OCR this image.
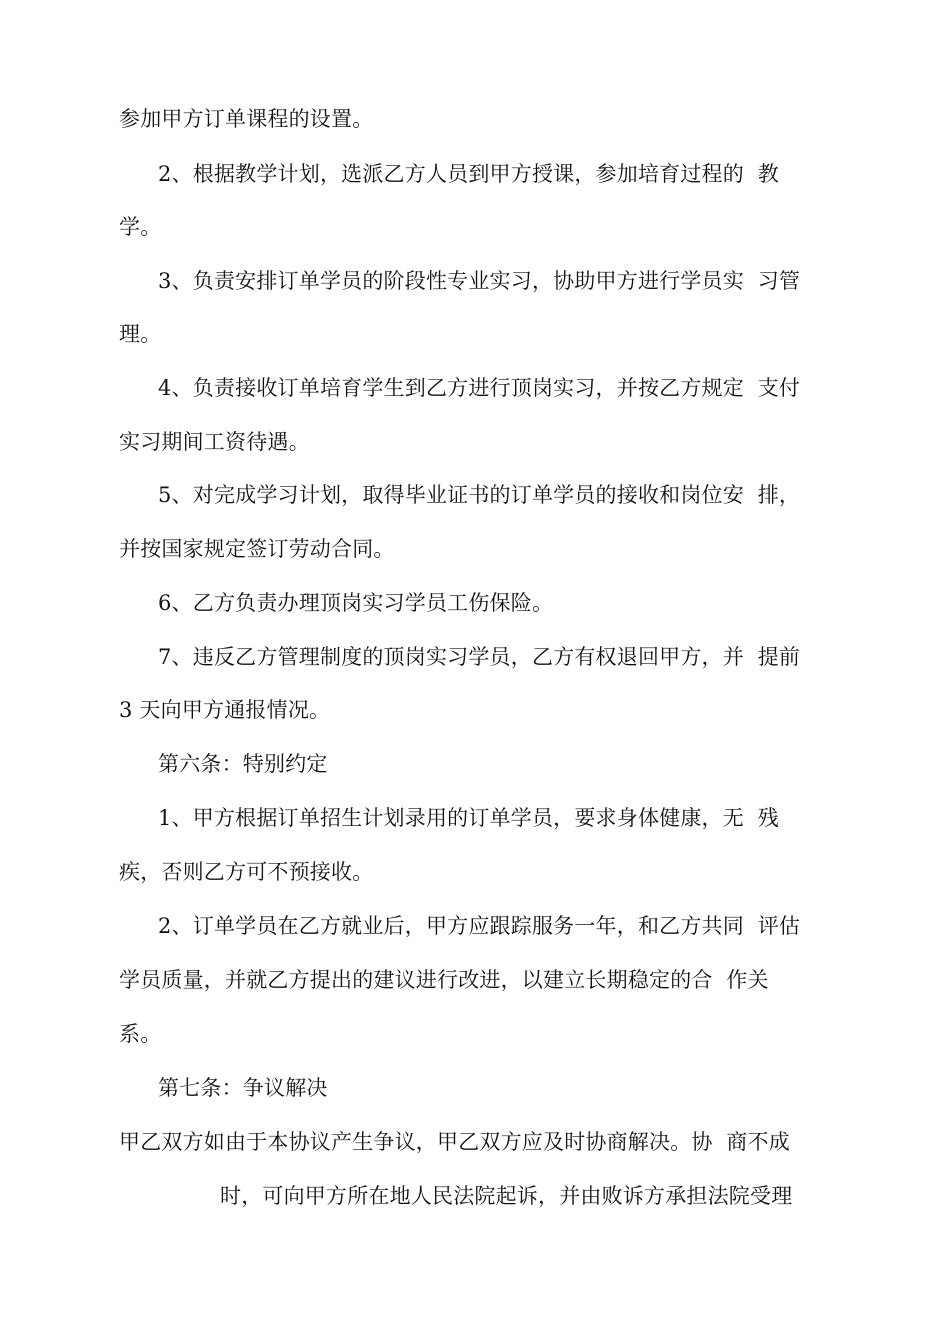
参加甲方订单课程的设置。
2、根据教学计划，选派乙方人员到甲方授课，参加培育过程的  教
学。
3、负责安排订单学员的阶段性专业实习，协助甲方进行学员实  习管
理。
4、负责接收订单培育学生到乙方进行顶岗实习，并按乙方规定  支付
实习期间工资待遇。
5、对完成学习计划，取得毕业证书的订单学员的接收和岗位安  排，
并按国家规定签订劳动合同。
6、乙方负责办理顶岗实习学员工伤保险。
7、违反乙方管理制度的顶岗实习学员，乙方有权退回甲方，并  提前
3 天向甲方通报情况。
第六条：特别约定
1、甲方根据订单招生计划录用的订单学员，要求身体健康，无  残
疾，否则乙方可不预接收。
2、订单学员在乙方就业后，甲方应跟踪服务一年，和乙方共同  评估
学员质量，并就乙方提出的建议进行改进，以建立长期稳定的合  作关
系。
第七条：争议解决
甲乙双方如由于本协议产生争议，甲乙双方应及时协商解决。协  商不成
时，可向甲方所在地人民法院起诉，并由败诉方承担法院受理
